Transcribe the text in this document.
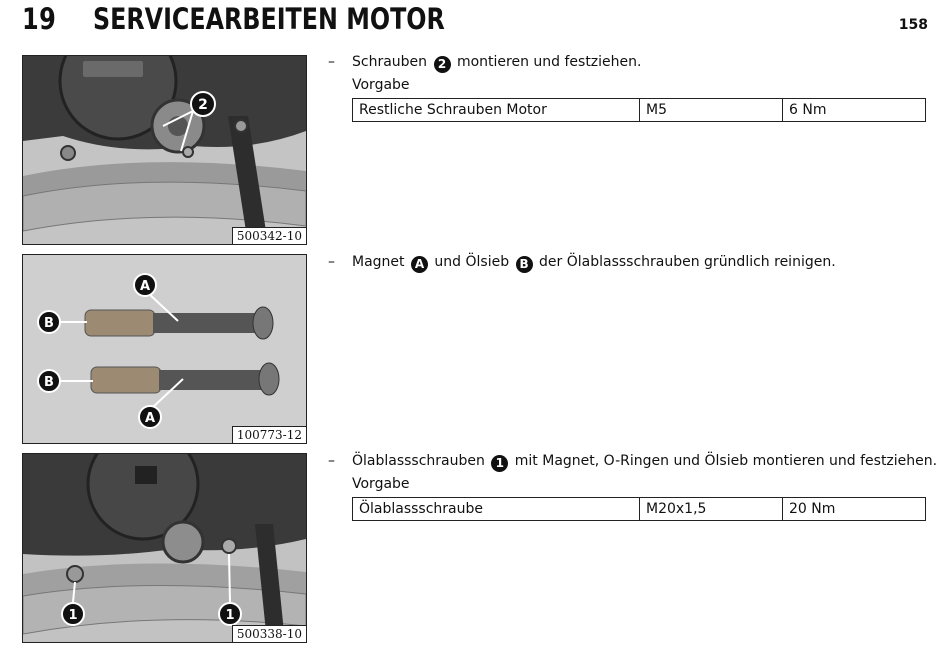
19 SERVICEARBEITEN MOTOR	158
2
500342-10
A
B
B
A
100773-12
1	1
500338-10
– Schrauben 2 montieren und festziehen.
Vorgabe
Restliche Schrauben Motor	M5	6 Nm
– Magnet A und Ölsieb B der Ölablassschrauben gründlich reinigen.
– Ölablassschrauben 1 mit Magnet, O-Ringen und Ölsieb montieren und festziehen.
Vorgabe
Ölablassschraube	M20x1,5	20 Nm
